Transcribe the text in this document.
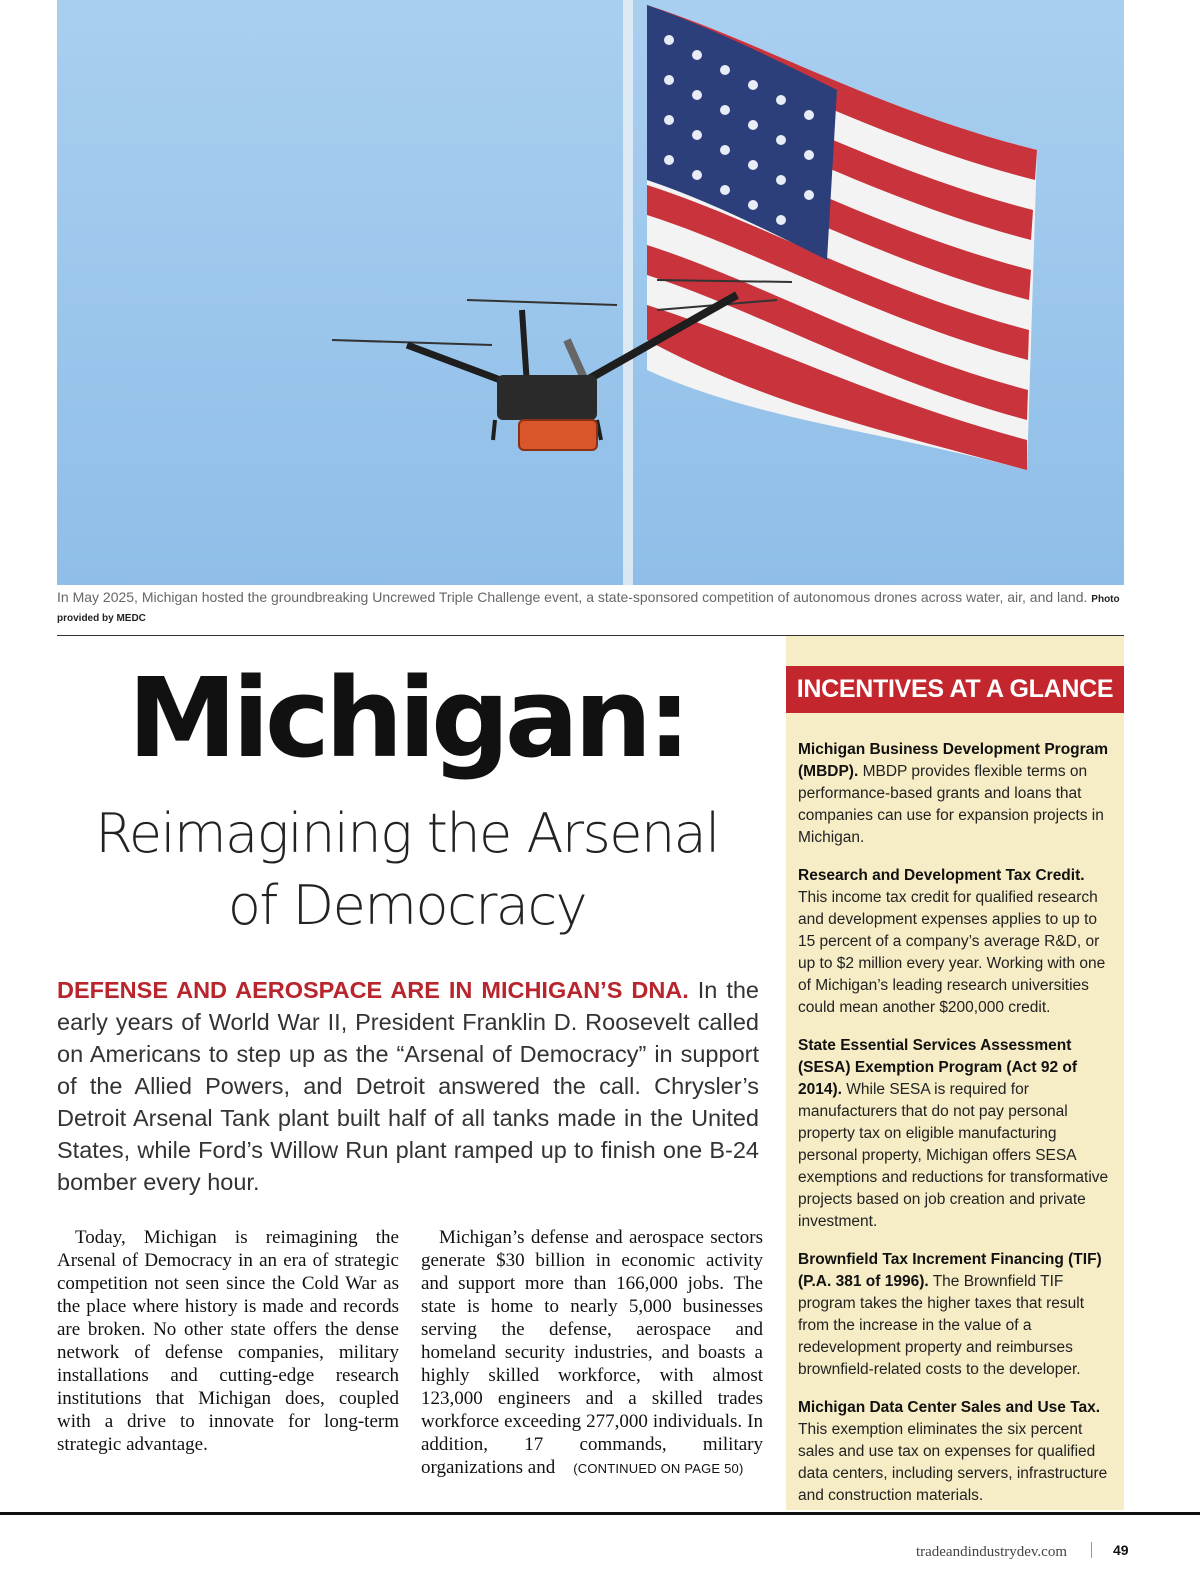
In May 2025, Michigan hosted the groundbreaking Uncrewed Triple Challenge event, a state-sponsored competition of autonomous drones across water, air, and land. Photo provided by MEDC
Michigan:
Reimagining the Arsenal
of Democracy
DEFENSE AND AEROSPACE ARE IN MICHIGAN’S DNA. In the early years of World War II, President Franklin D. Roosevelt called on Americans to step up as the “Arsenal of Democracy” in support of the Allied Powers, and Detroit answered the call. Chrysler’s Detroit Arsenal Tank plant built half of all tanks made in the United States, while Ford’s Willow Run plant ramped up to finish one B-24 bomber every hour.
Today, Michigan is reimagining the Arsenal of Democracy in an era of strategic competition not seen since the Cold War as the place where history is made and records are broken. No other state offers the dense network of defense companies, military installations and cutting-edge research institutions that Michigan does, coupled with a drive to innovate for long-term strategic advantage.
Michigan’s defense and aerospace sectors generate $30 billion in economic activity and support more than 166,000 jobs. The state is home to nearly 5,000 businesses serving the defense, aerospace and homeland security industries, and boasts a highly skilled workforce, with almost 123,000 engineers and a skilled trades workforce exceeding 277,000 individuals. In addition, 17 commands, military organizations and (CONTINUED ON PAGE 50)
INCENTIVES AT A GLANCE
Michigan Business Development Program (MBDP). MBDP provides flexible terms on performance-based grants and loans that companies can use for expansion projects in Michigan.
Research and Development Tax Credit. This income tax credit for qualified research and development expenses applies to up to 15 percent of a company’s average R&D, or up to $2 million every year. Working with one of Michigan’s leading research universities could mean another $200,000 credit.
State Essential Services Assessment (SESA) Exemption Program (Act 92 of 2014). While SESA is required for manufacturers that do not pay personal property tax on eligible manufacturing personal property, Michigan offers SESA exemptions and reductions for transformative projects based on job creation and private investment.
Brownfield Tax Increment Financing (TIF) (P.A. 381 of 1996). The Brownfield TIF program takes the higher taxes that result from the increase in the value of a redevelopment property and reimburses brownfield-related costs to the developer.
Michigan Data Center Sales and Use Tax. This exemption eliminates the six percent sales and use tax on expenses for qualified data centers, including servers, infrastructure and construction materials.
tradeandindustrydev.com	49
